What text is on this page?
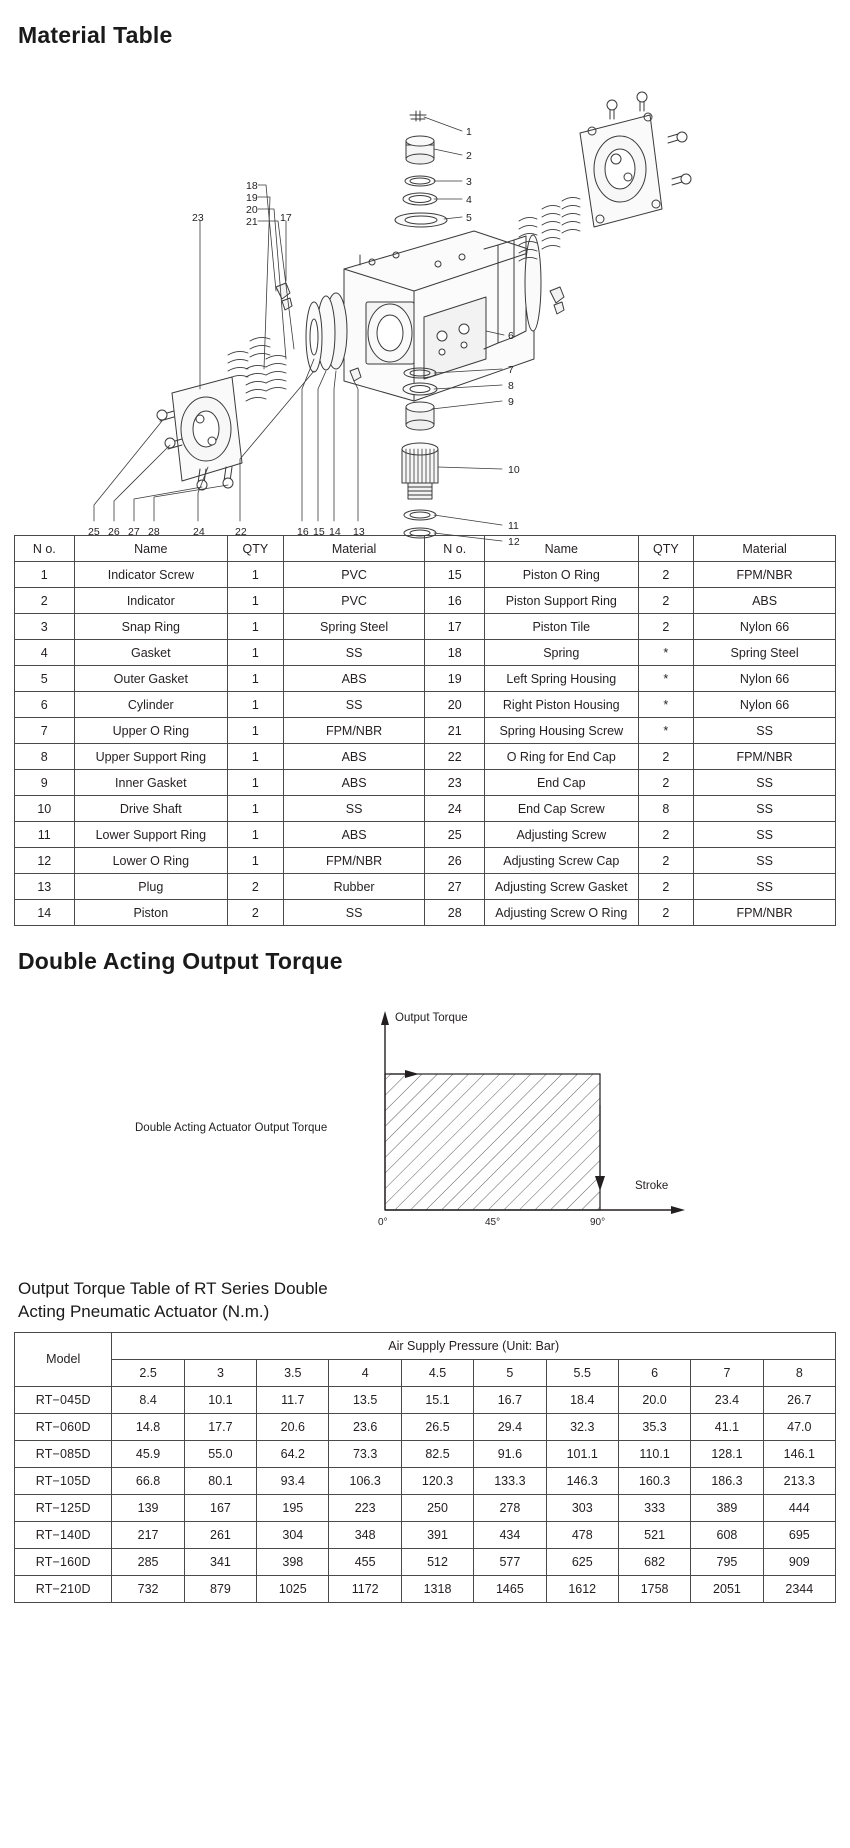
Material Table
1
2
3
4
5
6
7
8
9
10
11
12
18
19
20
21 17
23
25 26 27 28	24	22	16 15 14 13
N o.	Name	QTY	Material	N o.	Name	QTY	Material
1	Indicator Screw	1	PVC	15	Piston O Ring	2	FPM/NBR
2	Indicator	1	PVC	16	Piston Support Ring	2	ABS
3	Snap Ring	1	Spring Steel	17	Piston Tile	2	Nylon 66
4	Gasket	1	SS	18	Spring	*	Spring Steel
5	Outer Gasket	1	ABS	19	Left Spring Housing	*	Nylon 66
6	Cylinder	1	SS	20	Right Piston Housing	*	Nylon 66
7	Upper O Ring	1	FPM/NBR	21	Spring Housing Screw	*	SS
8	Upper Support Ring	1	ABS	22	O Ring for End Cap	2	FPM/NBR
9	Inner Gasket	1	ABS	23	End Cap	2	SS
10	Drive Shaft	1	SS	24	End Cap Screw	8	SS
11	Lower Support Ring	1	ABS	25	Adjusting Screw	2	SS
12	Lower O Ring	1	FPM/NBR	26	Adjusting Screw Cap	2	SS
13	Plug	2	Rubber	27	Adjusting Screw Gasket	2	SS
14	Piston	2	SS	28	Adjusting Screw O Ring	2	FPM/NBR
Double Acting Output Torque
Output Torque
Stroke
Double Acting Actuator Output Torque
0°	45°	90°
Output Torque Table of RT Series Double
Acting Pneumatic Actuator (N.m.)
Model	Air Supply Pressure (Unit: Bar)									
	2.5	3	3.5	4	4.5	5	5.5	6	7	8
RT−045D	8.4	10.1	11.7	13.5	15.1	16.7	18.4	20.0	23.4	26.7
RT−060D	14.8	17.7	20.6	23.6	26.5	29.4	32.3	35.3	41.1	47.0
RT−085D	45.9	55.0	64.2	73.3	82.5	91.6	101.1	110.1	128.1	146.1
RT−105D	66.8	80.1	93.4	106.3	120.3	133.3	146.3	160.3	186.3	213.3
RT−125D	139	167	195	223	250	278	303	333	389	444
RT−140D	217	261	304	348	391	434	478	521	608	695
RT−160D	285	341	398	455	512	577	625	682	795	909
RT−210D	732	879	1025	1172	1318	1465	1612	1758	2051	2344
